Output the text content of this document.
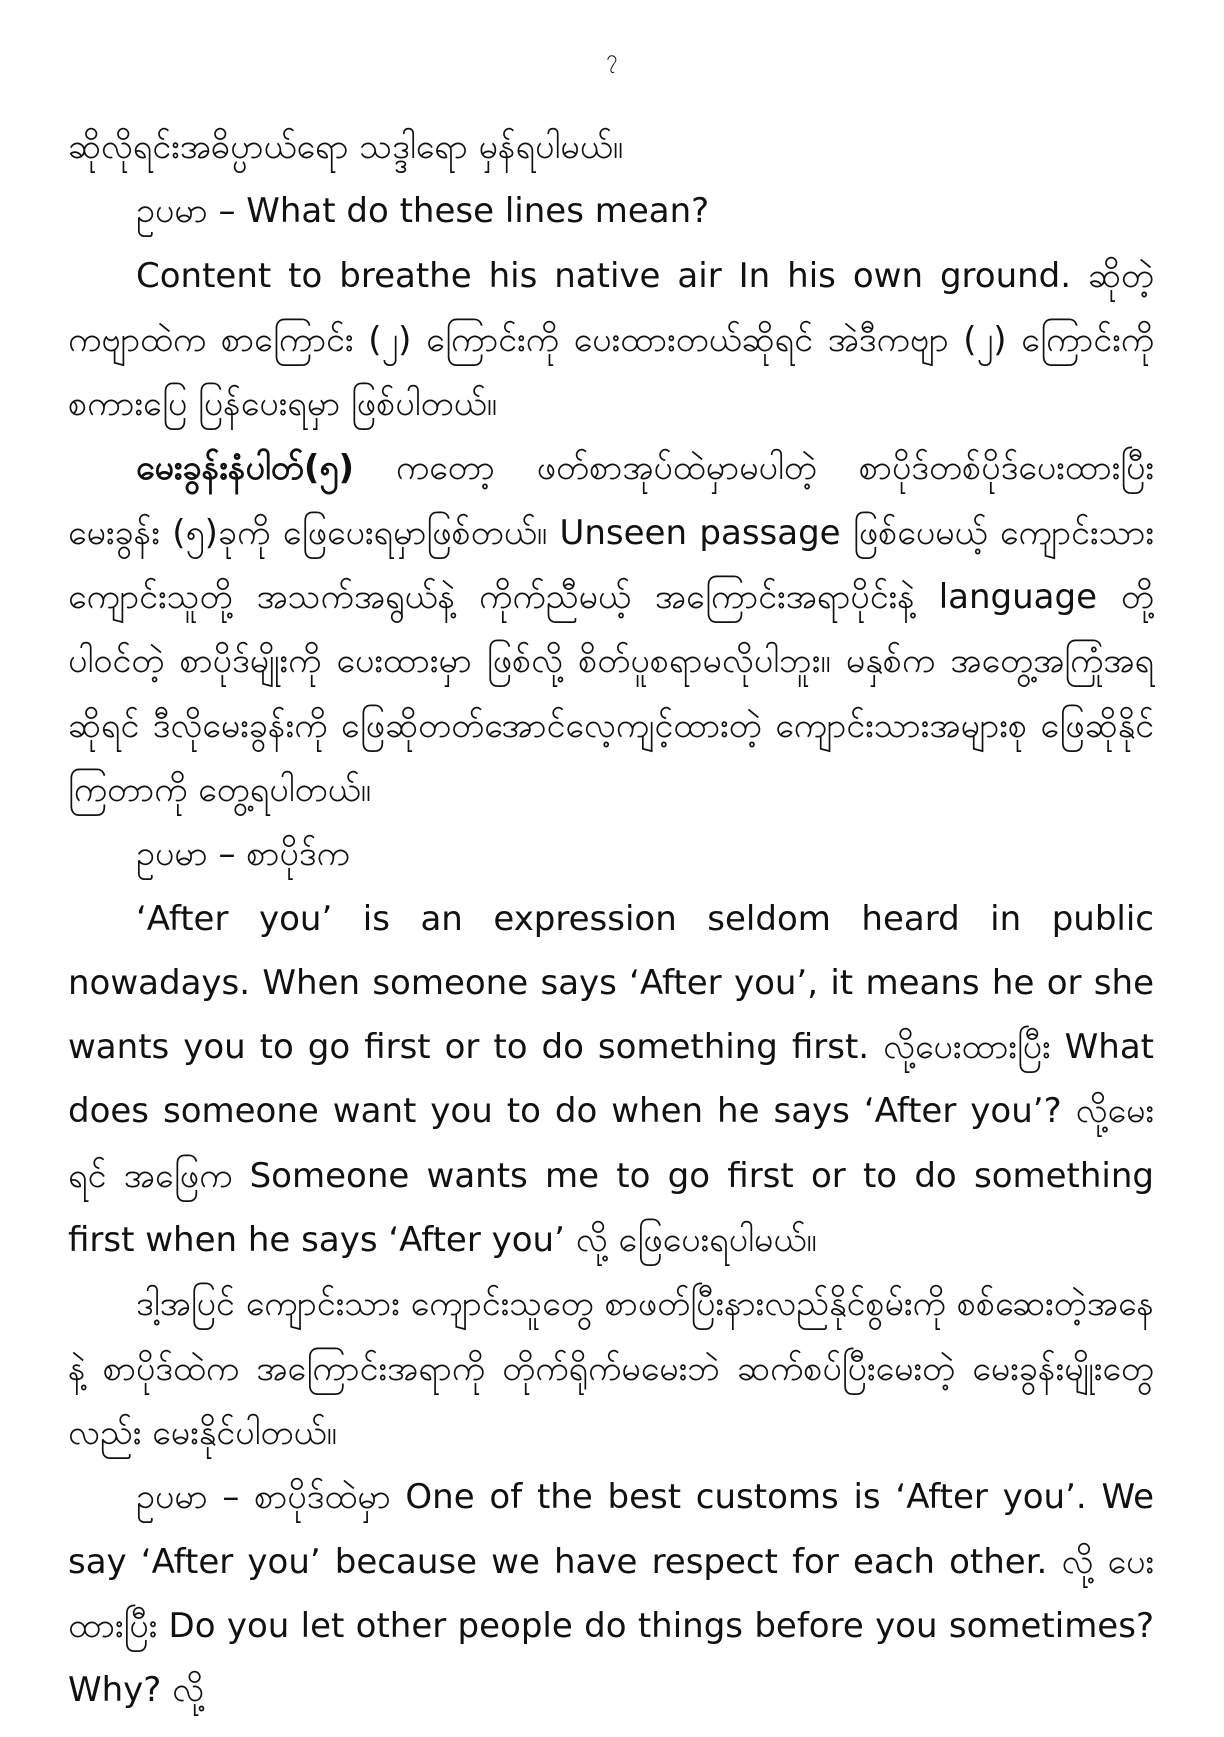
၇

ဆိုလိုရင်းအဓိပ္ပာယ်ရော သဒ္ဒါရော မှန်ရပါမယ်။

ဥပမာ – What do these lines mean?

Content to breathe his native air In his own ground. ဆိုတဲ့ကဗျာထဲက စာကြောင်း (၂) ကြောင်းကို ပေးထားတယ်ဆိုရင် အဲဒီကဗျာ (၂) ကြောင်းကို စကားပြေ ပြန်ပေးရမှာ ဖြစ်ပါတယ်။

မေးခွန်းနံပါတ်(၅) ကတော့ ဖတ်စာအုပ်ထဲမှာမပါတဲ့ စာပိုဒ်တစ်ပိုဒ်ပေးထားပြီး မေးခွန်း (၅)ခုကို ဖြေပေးရမှာဖြစ်တယ်။ Unseen passage ဖြစ်ပေမယ့် ကျောင်းသား ကျောင်းသူတို့ အသက်အရွယ်နဲ့ ကိုက်ညီမယ့် အကြောင်းအရာပိုင်းနဲ့ language တို့ ပါဝင်တဲ့ စာပိုဒ်မျိုးကို ပေးထားမှာ ဖြစ်လို့ စိတ်ပူစရာမလိုပါဘူး။ မနှစ်က အတွေ့အကြုံအရဆိုရင် ဒီလိုမေးခွန်းကို ဖြေဆိုတတ်အောင်လေ့ကျင့်ထားတဲ့ ကျောင်းသားအများစု ဖြေဆိုနိုင်ကြတာကို တွေ့ရပါတယ်။

ဥပမာ – စာပိုဒ်က

‘After you’ is an expression seldom heard in public nowadays. When someone says ‘After you’, it means he or she wants you to go first or to do something first. လို့ပေးထားပြီး What does someone want you to do when he says ‘After you’? လို့မေးရင် အဖြေက Someone wants me to go first or to do something first when he says ‘After you’ လို့ ဖြေပေးရပါမယ်။

ဒါ့အပြင် ကျောင်းသား ကျောင်းသူတွေ စာဖတ်ပြီးနားလည်နိုင်စွမ်းကို စစ်ဆေးတဲ့အနေနဲ့ စာပိုဒ်ထဲက အကြောင်းအရာကို တိုက်ရိုက်မမေးဘဲ ဆက်စပ်ပြီးမေးတဲ့ မေးခွန်းမျိုးတွေလည်း မေးနိုင်ပါတယ်။

ဥပမာ – စာပိုဒ်ထဲမှာ One of the best customs is ‘After you’. We say ‘After you’ because we have respect for each other. လို့ ပေးထားပြီး Do you let other people do things before you sometimes? Why? လို့
